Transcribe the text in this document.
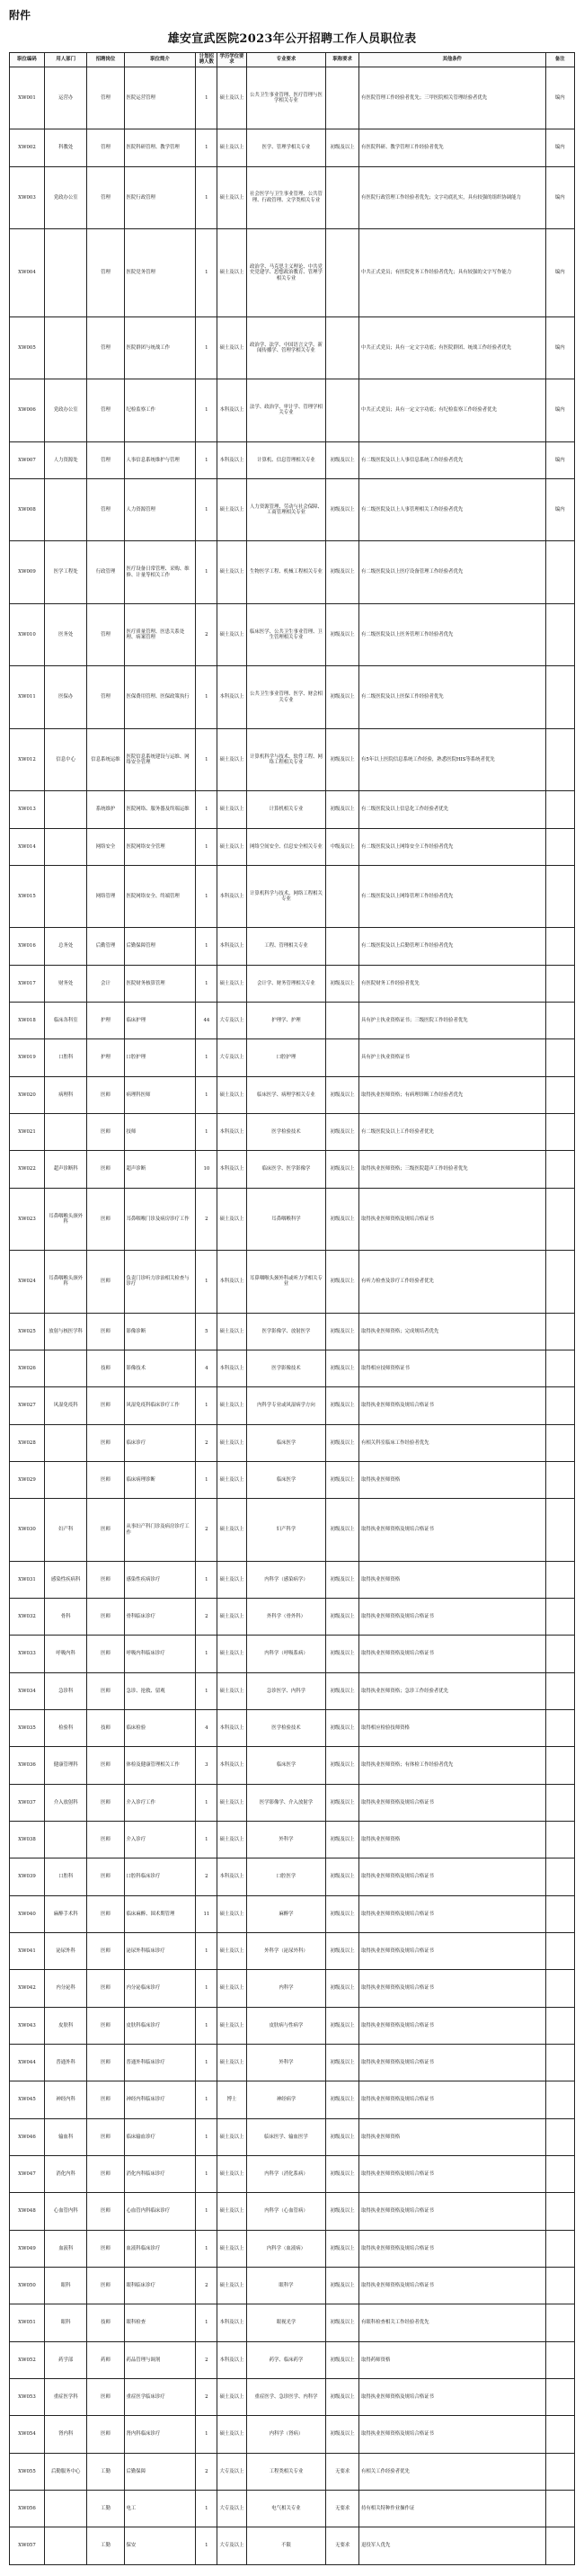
附件
雄安宣武医院2023年公开招聘工作人员职位表
职位编码	用人部门	招聘岗位	职位简介	计划招聘人数	学历学位要求	专业要求	职称要求	其他条件		备注
XW001	运营办	管理	医院运营管理	1	硕士及以上	公共卫生事业管理、医疗管理与医学相关专业		有医院管理工作经验者优先；三甲医院相关管理经验者优先		编内
XW002	科教处	管理	医院科研管理、教学管理	1	硕士及以上	医学、管理学相关专业	初级及以上	有医院科研、教学管理工作经验者优先		编内
XW003	党政办公室	管理	医院行政管理	1	硕士及以上	社会医学与卫生事业管理、公共管理、行政管理、文学类相关专业		有医院行政管理工作经验者优先；文字功底扎实，具有较强的组织协调能力		编内
XW004		管理	医院党务管理	1	硕士及以上	政治学、马克思主义理论、中共党史党建学、思想政治教育、管理学相关专业		中共正式党员；有医院党务工作经验者优先；具有较强的文字写作能力		编内
XW005		管理	医院群团与统战工作	1	硕士及以上	政治学、法学、中国语言文学、新闻传播学、管理学相关专业		中共正式党员；具有一定文字功底；有医院群团、统战工作经验者优先		编内
XW006	党政办公室	管理	纪检监察工作	1	本科及以上	法学、政治学、审计学、管理学相关专业		中共正式党员；具有一定文字功底；有纪检监察工作经验者优先		编内
XW007	人力资源处	管理	人事信息系统维护与管理	1	本科及以上	计算机、信息管理相关专业	初级及以上	有二级医院及以上人事信息系统工作经验者优先		编内
XW008		管理	人力资源管理	1	硕士及以上	人力资源管理、劳动与社会保障、工商管理相关专业	初级及以上	有二级医院及以上人事管理相关工作经验者优先		编内
XW009	医学工程处	行政管理	医疗设备日常管理、采购、维修、计量等相关工作	1	硕士及以上	生物医学工程、机械工程相关专业	初级及以上	有二级医院及以上医疗设备管理工作经验者优先		
XW010	医务处	管理	医疗质量管理、医患关系处理、病案管理	2	硕士及以上	临床医学、公共卫生事业管理、卫生管理相关专业	初级及以上	有二级医院及以上医务管理工作经验者优先		
XW011	医保办	管理	医保费用管理、医保政策执行	1	本科及以上	公共卫生事业管理、医学、财会相关专业	初级及以上	有二级医院及以上医保工作经验者优先		
XW012	信息中心	信息系统运维	医院信息系统建设与运维、网络安全管理	1	硕士及以上	计算机科学与技术、软件工程、网络工程相关专业	初级及以上	有5年以上医院信息系统工作经验，熟悉医院HIS等系统者优先		
XW013		系统维护	医院网络、服务器及终端运维	1	硕士及以上	计算机相关专业	初级及以上	有二级医院及以上信息化工作经验者优先		
XW014		网络安全	医院网络安全管理	1	硕士及以上	网络空间安全、信息安全相关专业	中级及以上	有二级医院及以上网络安全工作经验者优先		
XW015		网络管理	医院网络安全、终端管理	1	本科及以上	计算机科学与技术、网络工程相关专业		有二级医院及以上网络管理工作经验者优先		
XW016	总务处	后勤管理	后勤保障管理	1	本科及以上	工程、管理相关专业		有二级医院及以上后勤管理工作经验者优先		
XW017	财务处	会计	医院财务核算管理	1	硕士及以上	会计学、财务管理相关专业	初级及以上	有医院财务工作经验者优先		
XW018	临床各科室	护理	临床护理	44	大专及以上	护理学、护理		具有护士执业资格证书；三级医院工作经验者优先		
XW019	口腔科	护理	口腔护理	1	大专及以上	口腔护理		具有护士执业资格证书		
XW020	病理科	医师	病理科医师	1	硕士及以上	临床医学、病理学相关专业	初级及以上	取得执业医师资格；有病理诊断工作经验者优先		
XW021		医师	技师	1	本科及以上	医学检验技术	初级及以上	有二级医院及以上工作经验者优先		
XW022	超声诊断科	医师	超声诊断	10	本科及以上	临床医学、医学影像学	初级及以上	取得执业医师资格；三级医院超声工作经验者优先		
XW023	耳鼻咽喉头颈外科	医师	耳鼻咽喉门诊及病房诊疗工作	2	硕士及以上	耳鼻咽喉科学	初级及以上	取得执业医师资格及规培合格证书		
XW024	耳鼻咽喉头颈外科	医师	负责门诊听力诊治相关检查与诊疗	1	本科及以上	耳鼻咽喉头颈外科或听力学相关专业	初级及以上	有听力检查及诊疗工作经验者优先		
XW025	放射与核医学科	医师	影像诊断	5	硕士及以上	医学影像学、放射医学	初级及以上	取得执业医师资格；完成规培者优先		
XW026		技师	影像技术	4	本科及以上	医学影像技术	初级及以上	取得相应技师资格证书		
XW027	风湿免疫科	医师	风湿免疫科临床诊疗工作	1	硕士及以上	内科学专业或风湿病学方向	初级及以上	取得执业医师资格及规培合格证书		
XW028		医师	临床诊疗	2	硕士及以上	临床医学	初级及以上	有相关科室临床工作经验者优先		
XW029		医师	临床病理诊断	1	硕士及以上	临床医学	初级及以上	取得执业医师资格		
XW030	妇产科	医师	从事妇产科门诊及病房诊疗工作	2	硕士及以上	妇产科学	初级及以上	取得执业医师资格及规培合格证书		
XW031	感染性疾病科	医师	感染性疾病诊疗	1	硕士及以上	内科学（感染病学）	初级及以上	取得执业医师资格		
XW032	骨科	医师	骨科临床诊疗	2	硕士及以上	外科学（骨外科）	初级及以上	取得执业医师资格及规培合格证书		
XW033	呼吸内科	医师	呼吸内科临床诊疗	1	硕士及以上	内科学（呼吸系病）	初级及以上	取得执业医师资格及规培合格证书		
XW034	急诊科	医师	急诊、抢救、留观	1	硕士及以上	急诊医学、内科学	初级及以上	取得执业医师资格；急诊工作经验者优先		
XW035	检验科	技师	临床检验	4	本科及以上	医学检验技术	初级及以上	取得相应检验技师资格		
XW036	健康管理科	医师	体检及健康管理相关工作	3	本科及以上	临床医学	初级及以上	取得执业医师资格；有体检工作经验者优先		
XW037	介入放射科	医师	介入诊疗工作	1	硕士及以上	医学影像学、介入放射学	初级及以上	取得执业医师资格及规培合格证书		
XW038		医师	介入诊疗	1	硕士及以上	外科学	初级及以上	取得执业医师资格		
XW039	口腔科	医师	口腔科临床诊疗	2	本科及以上	口腔医学	初级及以上	取得执业医师资格及规培合格证书		
XW040	麻醉手术科	医师	临床麻醉、围术期管理	11	硕士及以上	麻醉学	初级及以上	取得执业医师资格及规培合格证书		
XW041	泌尿外科	医师	泌尿外科临床诊疗	1	硕士及以上	外科学（泌尿外科）	初级及以上	取得执业医师资格及规培合格证书		
XW042	内分泌科	医师	内分泌临床诊疗	1	硕士及以上	内科学	初级及以上	取得执业医师资格及规培合格证书		
XW043	皮肤科	医师	皮肤科临床诊疗	1	硕士及以上	皮肤病与性病学	初级及以上	取得执业医师资格及规培合格证书		
XW044	普通外科	医师	普通外科临床诊疗	1	硕士及以上	外科学	初级及以上	取得执业医师资格及规培合格证书		
XW045	神经内科	医师	神经内科临床诊疗	1	博士	神经病学	初级及以上	取得执业医师资格及规培合格证书		
XW046	输血科	医师	临床输血诊疗	1	硕士及以上	临床医学、输血医学	初级及以上	取得执业医师资格		
XW047	消化内科	医师	消化内科临床诊疗	1	硕士及以上	内科学（消化系病）	初级及以上	取得执业医师资格及规培合格证书		
XW048	心血管内科	医师	心血管内科临床诊疗	1	硕士及以上	内科学（心血管病）	初级及以上	取得执业医师资格及规培合格证书		
XW049	血液科	医师	血液科临床诊疗	1	硕士及以上	内科学（血液病）	初级及以上	取得执业医师资格及规培合格证书		
XW050	眼科	医师	眼科临床诊疗	2	硕士及以上	眼科学	初级及以上	取得执业医师资格及规培合格证书		
XW051	眼科	技师	眼科检查	1	本科及以上	眼视光学	初级及以上	有眼科检查相关工作经验者优先		
XW052	药学部	药师	药品管理与调剂	2	本科及以上	药学、临床药学	初级及以上	取得药师资格		
XW053	重症医学科	医师	重症医学临床诊疗	2	硕士及以上	重症医学、急诊医学、内科学	初级及以上	取得执业医师资格及规培合格证书		
XW054	肾内科	医师	肾内科临床诊疗	1	硕士及以上	内科学（肾病）	初级及以上	取得执业医师资格及规培合格证书		
XW055	后勤服务中心	工勤	后勤保障	2	大专及以上	工程类相关专业	无要求	有相关工作经验者优先		
XW056		工勤	电工	1	大专及以上	电气相关专业	无要求	持有相关特种作业操作证		
XW057		工勤	保安	1	大专及以上	不限	无要求	退役军人优先		
